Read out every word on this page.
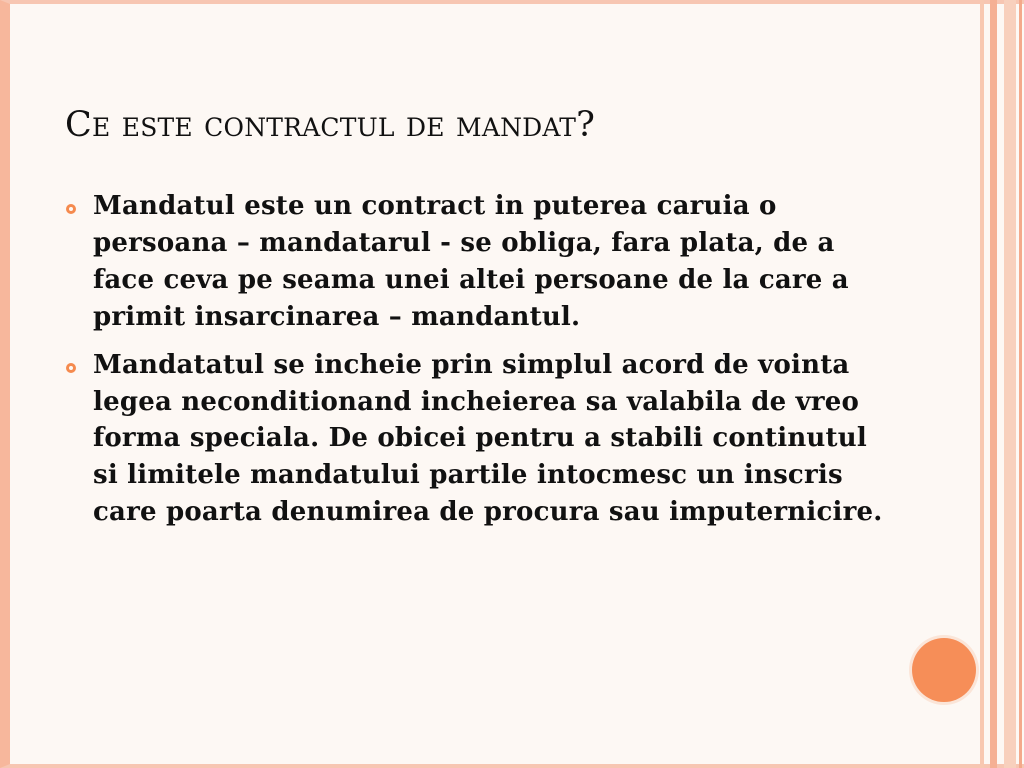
Ce este contractul de mandat?
Mandatul este un contract in puterea caruia o persoana – mandatarul - se obliga, fara plata, de a face ceva pe seama unei altei persoane de la care a primit insarcinarea – mandantul.
Mandatatul se incheie prin simplul acord de vointa legea neconditionand incheierea sa valabila de vreo forma speciala. De obicei pentru a stabili continutul si limitele mandatului partile intocmesc un inscris care poarta denumirea de procura sau imputernicire.
